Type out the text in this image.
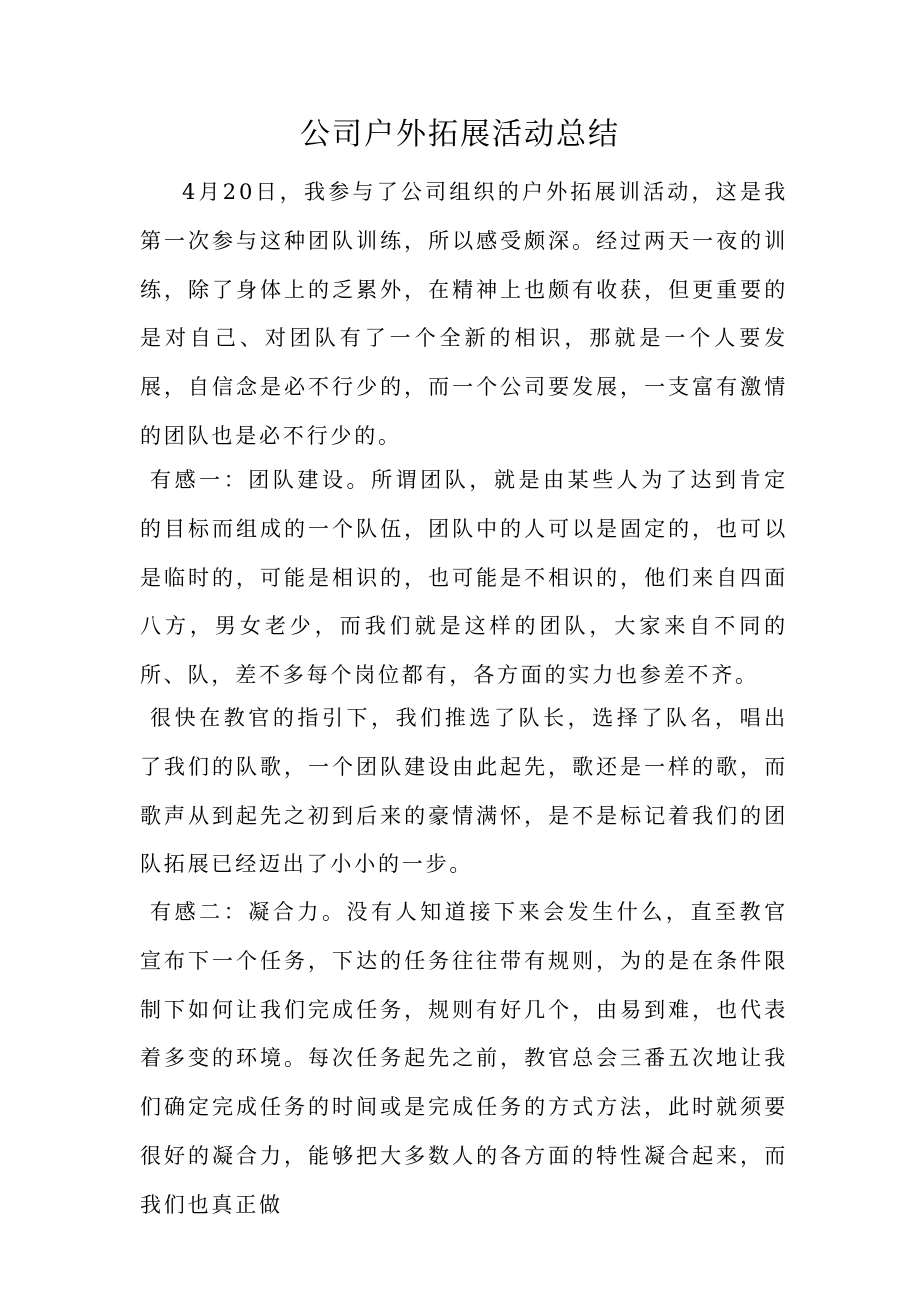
公司户外拓展活动总结

4月20日，我参与了公司组织的户外拓展训活动，这是我第一次参与这种团队训练，所以感受颇深。经过两天一夜的训练，除了身体上的乏累外，在精神上也颇有收获，但更重要的是对自己、对团队有了一个全新的相识，那就是一个人要发展，自信念是必不行少的，而一个公司要发展，一支富有激情的团队也是必不行少的。

有感一：团队建设。所谓团队，就是由某些人为了达到肯定的目标而组成的一个队伍，团队中的人可以是固定的，也可以是临时的，可能是相识的，也可能是不相识的，他们来自四面八方，男女老少，而我们就是这样的团队，大家来自不同的所、队，差不多每个岗位都有，各方面的实力也参差不齐。

很快在教官的指引下，我们推选了队长，选择了队名，唱出了我们的队歌，一个团队建设由此起先，歌还是一样的歌，而歌声从到起先之初到后来的豪情满怀，是不是标记着我们的团队拓展已经迈出了小小的一步。

有感二：凝合力。没有人知道接下来会发生什么，直至教官宣布下一个任务，下达的任务往往带有规则，为的是在条件限制下如何让我们完成任务，规则有好几个，由易到难，也代表着多变的环境。每次任务起先之前，教官总会三番五次地让我们确定完成任务的时间或是完成任务的方式方法，此时就须要很好的凝合力，能够把大多数人的各方面的特性凝合起来，而我们也真正做
